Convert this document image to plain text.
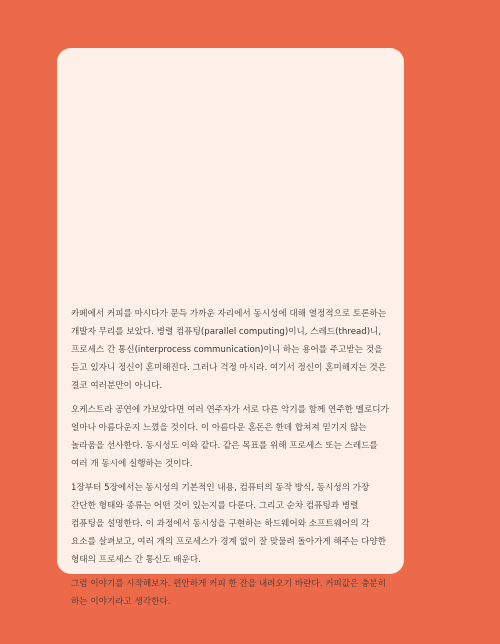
카페에서 커피를 마시다가 문득 가까운 자리에서 동시성에 대해 열정적으로 토론하는 개발자 무리를 보았다. 병렬 컴퓨팅(parallel computing)이니, 스레드(thread)니, 프로세스 간 통신(interprocess communication)이니 하는 용어를 주고받는 것을 듣고 있자니 정신이 혼미해진다. 그러나 걱정 마시라. 여기서 정신이 혼미해지는 것은 결코 여러분만이 아니다.

오케스트라 공연에 가보았다면 여러 연주자가 서로 다른 악기를 함께 연주한 멜로디가 얼마나 아름다운지 느꼈을 것이다. 이 아름다운 혼돈은 한데 합쳐져 믿기지 않는 놀라움을 선사한다. 동시성도 이와 같다. 같은 목표를 위해 프로세스 또는 스레드를 여러 개 동시에 실행하는 것이다.

1장부터 5장에서는 동시성의 기본적인 내용, 컴퓨터의 동작 방식, 동시성의 가장 간단한 형태와 종류는 어떤 것이 있는지를 다룬다. 그리고 순차 컴퓨팅과 병렬 컴퓨팅을 설명한다. 이 과정에서 동시성을 구현하는 하드웨어와 소프트웨어의 각 요소를 살펴보고, 여러 개의 프로세스가 경계 없이 잘 맞물려 돌아가게 해주는 다양한 형태의 프로세스 간 통신도 배운다.

그럼 이야기를 시작해보자. 편안하게 커피 한 잔을 내려오기 바란다. 커피값은 충분히 하는 이야기라고 생각한다.
